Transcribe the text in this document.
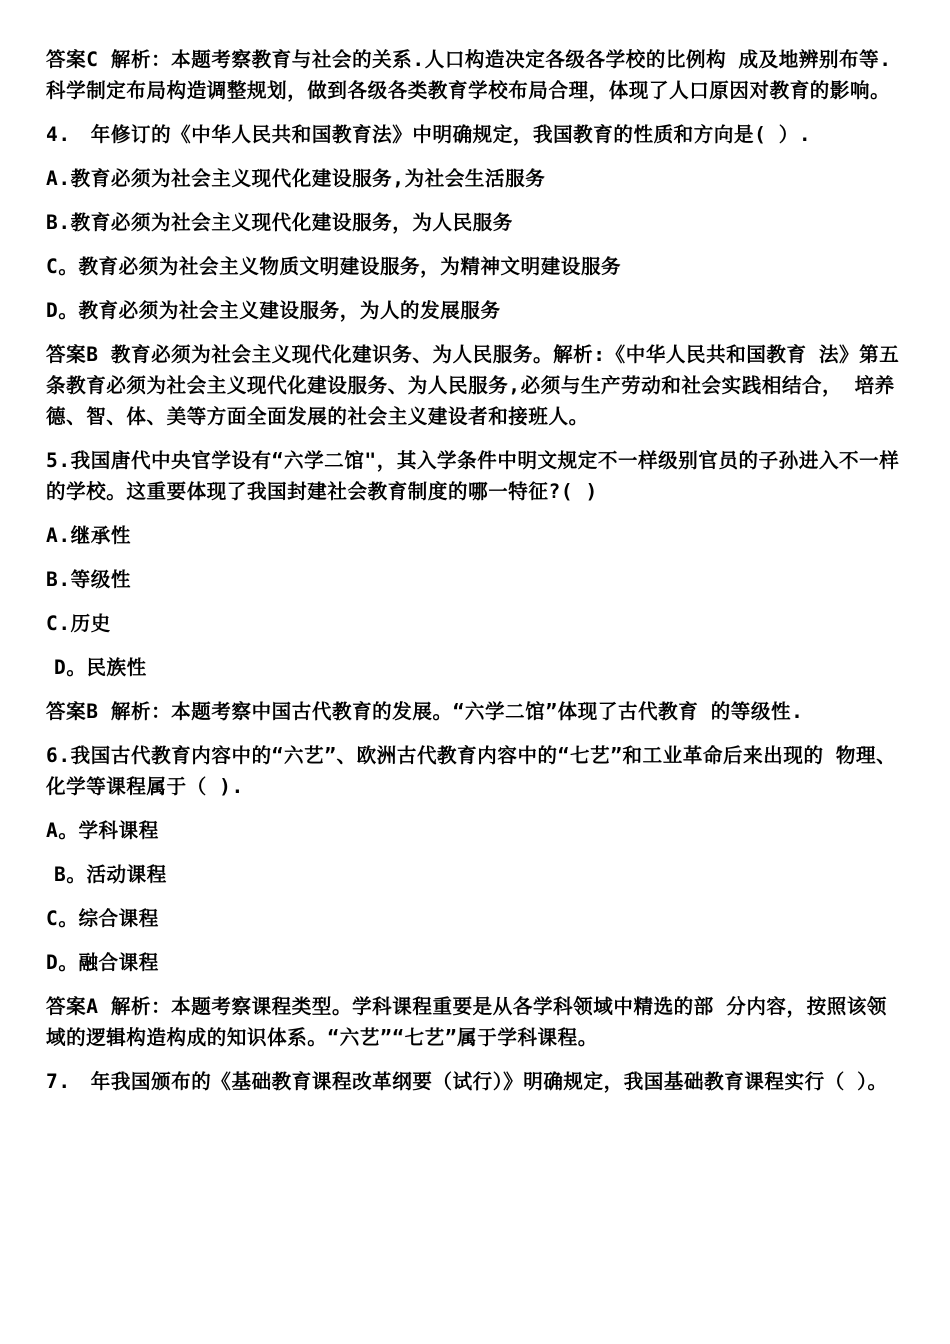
答案C 解析：本题考察教育与社会的关系.人口构造决定各级各学校的比例构 成及地辨别布等.科学制定布局构造调整规划，做到各级各类教育学校布局合理，体现了人口原因对教育的影响。

4.　年修订的《中华人民共和国教育法》中明确规定，我国教育的性质和方向是( ）.

A.教育必须为社会主义现代化建设服务,为社会生活服务

B.教育必须为社会主义现代化建设服务，为人民服务

C。教育必须为社会主义物质文明建设服务，为精神文明建设服务

D。教育必须为社会主义建设服务，为人的发展服务

答案B 教育必须为社会主义现代化建识务、为人民服务。解析:《中华人民共和国教育 法》第五条教育必须为社会主义现代化建设服务、为人民服务,必须与生产劳动和社会实践相结合， 培养德、智、体、美等方面全面发展的社会主义建设者和接班人。

5.我国唐代中央官学设有“六学二馆"，其入学条件中明文规定不一样级别官员的子孙进入不一样 的学校。这重要体现了我国封建社会教育制度的哪一特征?( )

A.继承性

B.等级性

C.历史

D。民族性

答案B 解析：本题考察中国古代教育的发展。“六学二馆”体现了古代教育 的等级性.

6.我国古代教育内容中的“六艺”、欧洲古代教育内容中的“七艺”和工业革命后来出现的 物理、化学等课程属于（ ).

A。学科课程

B。活动课程

C。综合课程

D。融合课程

答案A 解析：本题考察课程类型。学科课程重要是从各学科领域中精选的部 分内容，按照该领域的逻辑构造构成的知识体系。“六艺”“七艺”属于学科课程。

7.　年我国颁布的《基础教育课程改革纲要（试行）》明确规定，我国基础教育课程实行（ ）。
